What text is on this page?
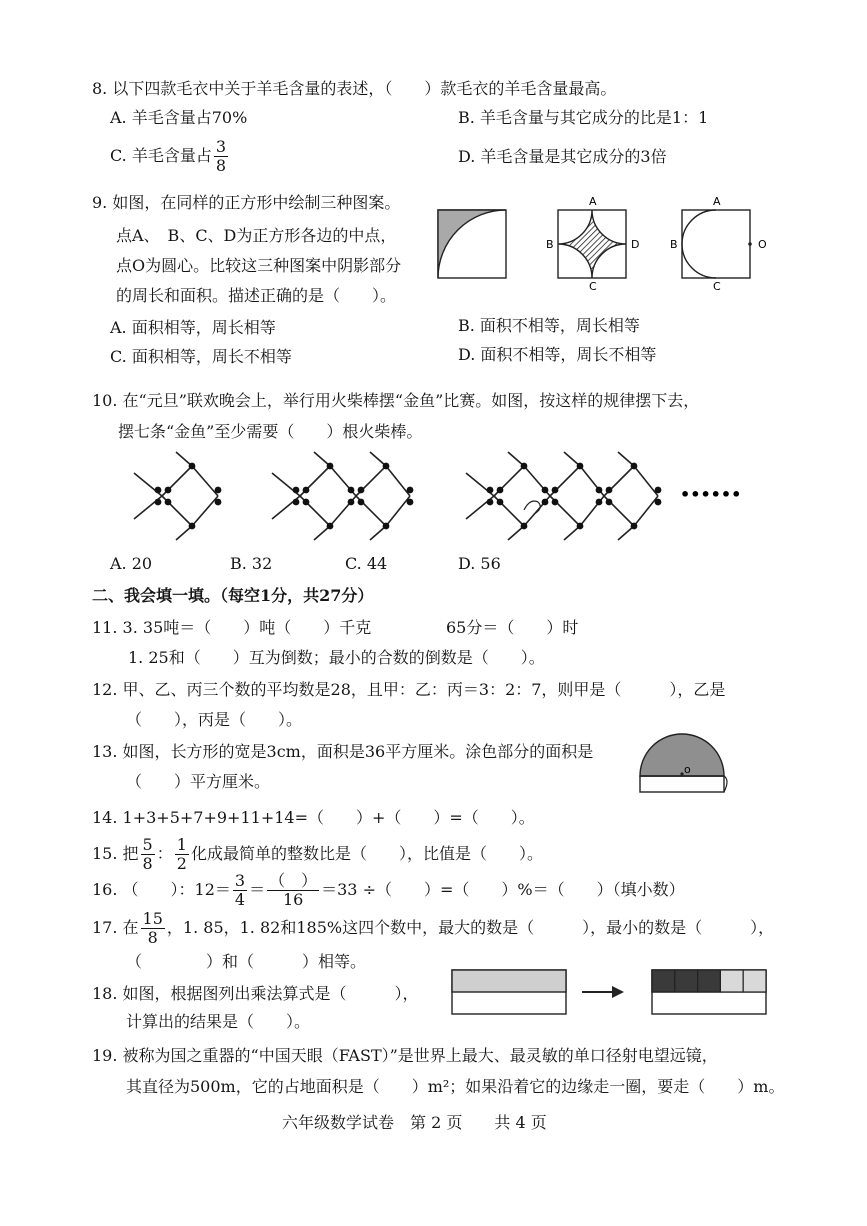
8. 以下四款毛衣中关于羊毛含量的表述，（　　）款毛衣的羊毛含量最高。
A. 羊毛含量占70%	B. 羊毛含量与其它成分的比是1：1
C. 羊毛含量占 $\frac{3}{8}$	D. 羊毛含量是其它成分的3倍
9. 如图，在同样的正方形中绘制三种图案。
点A、　B、C、D为正方形各边的中点，
点O为圆心。比较这三种图案中阴影部分
的周长和面积。描述正确的是（　　）。
A. 面积相等，周长相等	B. 面积不相等，周长相等
C. 面积相等，周长不相等	D. 面积不相等，周长不相等
A
B	D
C
A
B	O
C
10. 在“元旦”联欢晚会上，举行用火柴棒摆“金鱼”比赛。如图，按这样的规律摆下去，
摆七条“金鱼”至少需要（　　）根火柴棒。
••••••
A. 20	B. 32	C. 44	D. 56
二、我会填一填。（每空1分，共27分）
11. 3. 35吨＝（　　）吨（　　）千克	65分＝（　　）时
1. 25和（　　）互为倒数；最小的合数的倒数是（　　）。
12. 甲、乙、丙三个数的平均数是28，且甲：乙：丙＝3：2：7，则甲是（　　　），乙是
（　　），丙是（　　）。
13. 如图，长方形的宽是3cm，面积是36平方厘米。涂色部分的面积是
（　　）平方厘米。
o
14. 1+3+5+7+9+11+14=（　　）+（　　）=（　　）。
15. 把 $\frac{5}{8}$ ： $\frac{1}{2}$ 化成最简单的整数比是（　　），比值是（　　）。
16. （　　）：$12= \frac{3}{4} = \frac{( )}{16} =33$ ÷（　　）=（　　）%＝（　　）（填小数）
17. 在 $\frac{15}{8}$ ，1. 85，1. 82和185%这四个数中，最大的数是（　　　），最小的数是（　　　），
（　　　　）和（　　　）相等。
18. 如图，根据图列出乘法算式是（　　　），
计算出的结果是（　　）。
19. 被称为国之重器的“中国天眼（FAST）”是世界上最大、最灵敏的单口径射电望远镜，
其直径为500m，它的占地面积是（　　）m²；如果沿着它的边缘走一圈，要走（　　）m。
六年级数学试卷　第 2 页　　共 4 页
